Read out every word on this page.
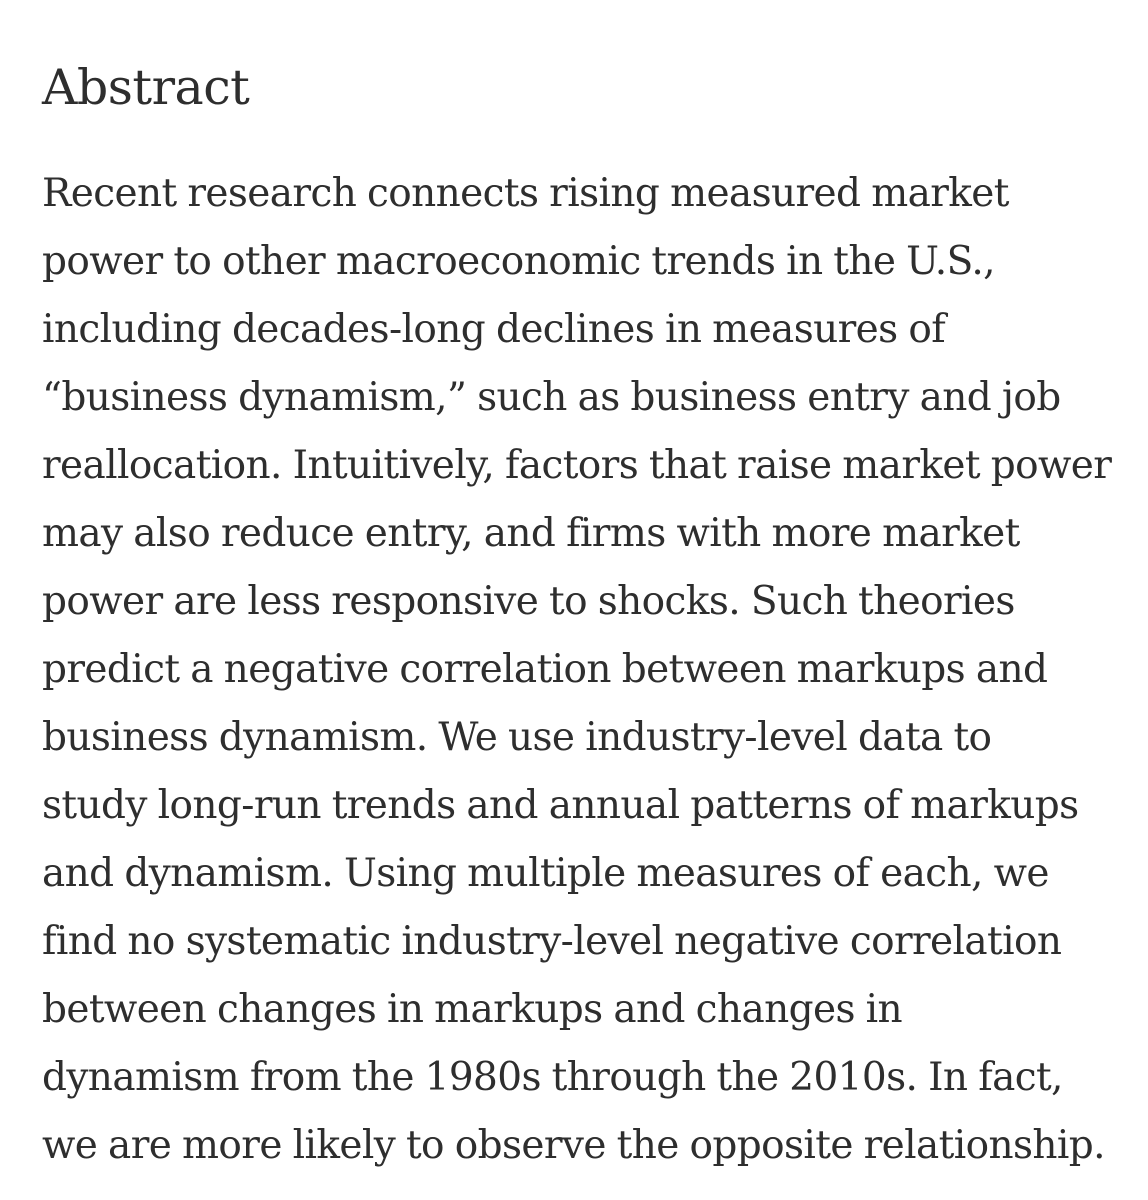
Abstract

Recent research connects rising measured market
power to other macroeconomic trends in the U.S.,
including decades-long declines in measures of
“business dynamism,” such as business entry and job
reallocation. Intuitively, factors that raise market power
may also reduce entry, and firms with more market
power are less responsive to shocks. Such theories
predict a negative correlation between markups and
business dynamism. We use industry-level data to
study long-run trends and annual patterns of markups
and dynamism. Using multiple measures of each, we
find no systematic industry-level negative correlation
between changes in markups and changes in
dynamism from the 1980s through the 2010s. In fact,
we are more likely to observe the opposite relationship.
